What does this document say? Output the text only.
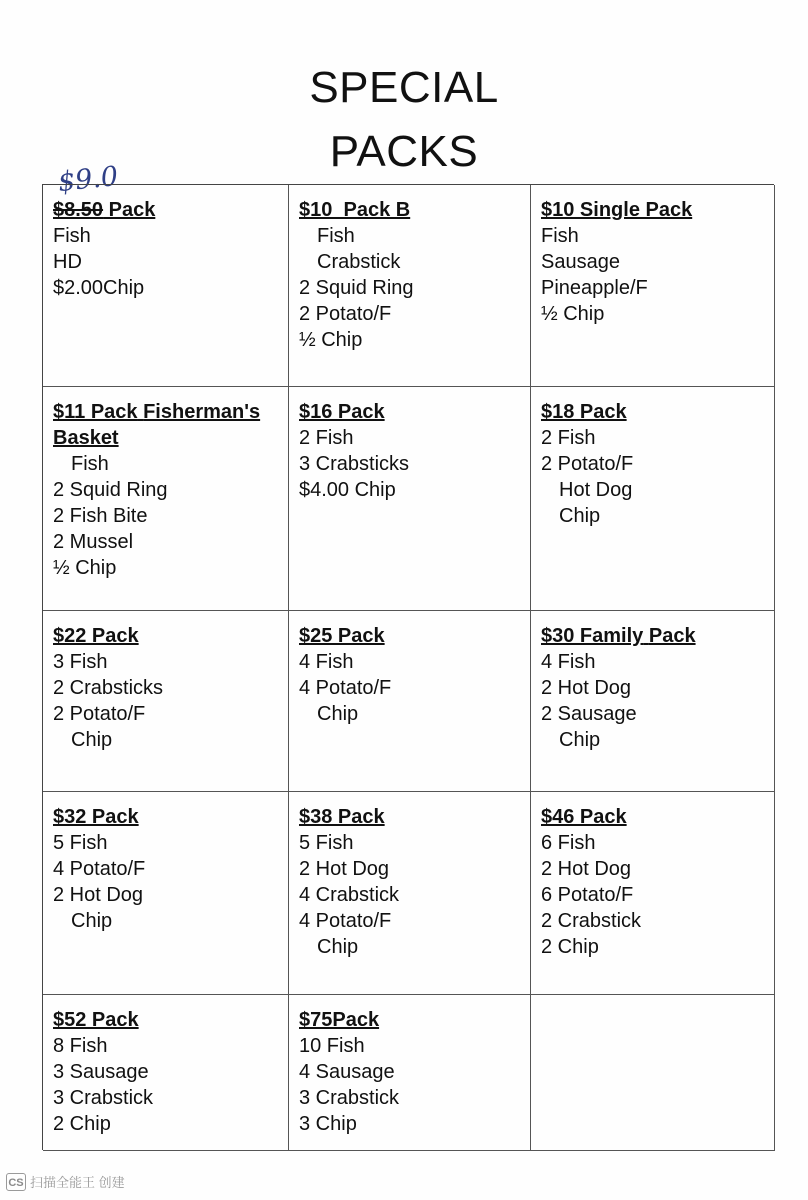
SPECIAL
PACKS
$9.0
$8.50 Pack
Fish
HD
$2.00Chip
$10  Pack B
Fish
Crabstick
2 Squid Ring
2 Potato/F
½ Chip
$10 Single Pack
Fish
Sausage
Pineapple/F
½ Chip
$11 Pack Fisherman's
Basket
Fish
2 Squid Ring
2 Fish Bite
2 Mussel
½ Chip
$16 Pack
2 Fish
3 Crabsticks
$4.00 Chip
$18 Pack
2 Fish
2 Potato/F
Hot Dog
Chip
$22 Pack
3 Fish
2 Crabsticks
2 Potato/F
Chip
$25 Pack
4 Fish
4 Potato/F
Chip
$30 Family Pack
4 Fish
2 Hot Dog
2 Sausage
Chip
$32 Pack
5 Fish
4 Potato/F
2 Hot Dog
Chip
$38 Pack
5 Fish
2 Hot Dog
4 Crabstick
4 Potato/F
Chip
$46 Pack
6 Fish
2 Hot Dog
6 Potato/F
2 Crabstick
2 Chip
$52 Pack
8 Fish
3 Sausage
3 Crabstick
2 Chip
$75Pack
10 Fish
4 Sausage
3 Crabstick
3 Chip
CS 扫描全能王 创建
